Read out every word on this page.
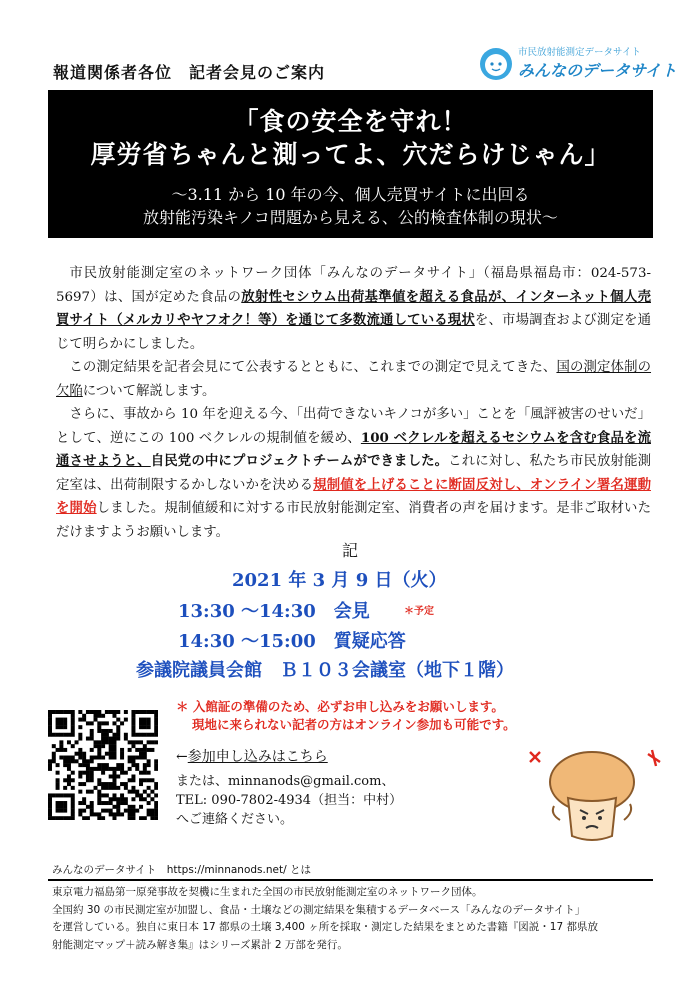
報道関係者各位　記者会見のご案内
市民放射能測定データサイト
みんなのデータサイト
「食の安全を守れ！
厚労省ちゃんと測ってよ、穴だらけじゃん」
～3.11 から 10 年の今、個人売買サイトに出回る
放射能汚染キノコ問題から見える、公的検査体制の現状～

市民放射能測定室のネットワーク団体「みんなのデータサイト」（福島県福島市：024-573-5697）は、国が定めた食品の放射性セシウム出荷基準値を超える食品が、インターネット個人売買サイト（メルカリやヤフオク！等）を通じて多数流通している現状を、市場調査および測定を通じて明らかにしました。

この測定結果を記者会見にて公表するとともに、これまでの測定で見えてきた、国の測定体制の欠陥について解説します。

さらに、事故から 10 年を迎える今、「出荷できないキノコが多い」ことを「風評被害のせいだ」として、逆にこの 100 ベクレルの規制値を緩め、100 ベクレルを超えるセシウムを含む食品を流通させようと、自民党の中にプロジェクトチームができました。これに対し、私たち市民放射能測定室は、出荷制限するかしないかを決める規制値を上げることに断固反対し、オンライン署名運動を開始しました。規制値緩和に対する市民放射能測定室、消費者の声を届けます。是非ご取材いただけますようお願いします。

記
2021 年 3 月 9 日（火）
13:30 ～14:30　会見	＊予定
14:30 ～15:00　質疑応答
参議院議員会館　Ｂ１０３会議室（地下１階）
＊ 入館証の準備のため、必ずお申し込みをお願いします。
現地に来られない記者の方はオンライン参加も可能です。
←参加申し込みはこちら
または、minnanods@gmail.com、
TEL: 090-7802-4934（担当：中村）
へご連絡ください。
みんなのデータサイト　https://minnanods.net/ とは
東京電力福島第一原発事故を契機に生まれた全国の市民放射能測定室のネットワーク団体。
全国約 30 の市民測定室が加盟し、食品・土壌などの測定結果を集積するデータベース「みんなのデータサイト」
を運営している。独自に東日本 17 都県の土壌 3,400 ヶ所を採取・測定した結果をまとめた書籍『図説・17 都県放
射能測定マップ＋読み解き集』はシリーズ累計 2 万部を発行。
